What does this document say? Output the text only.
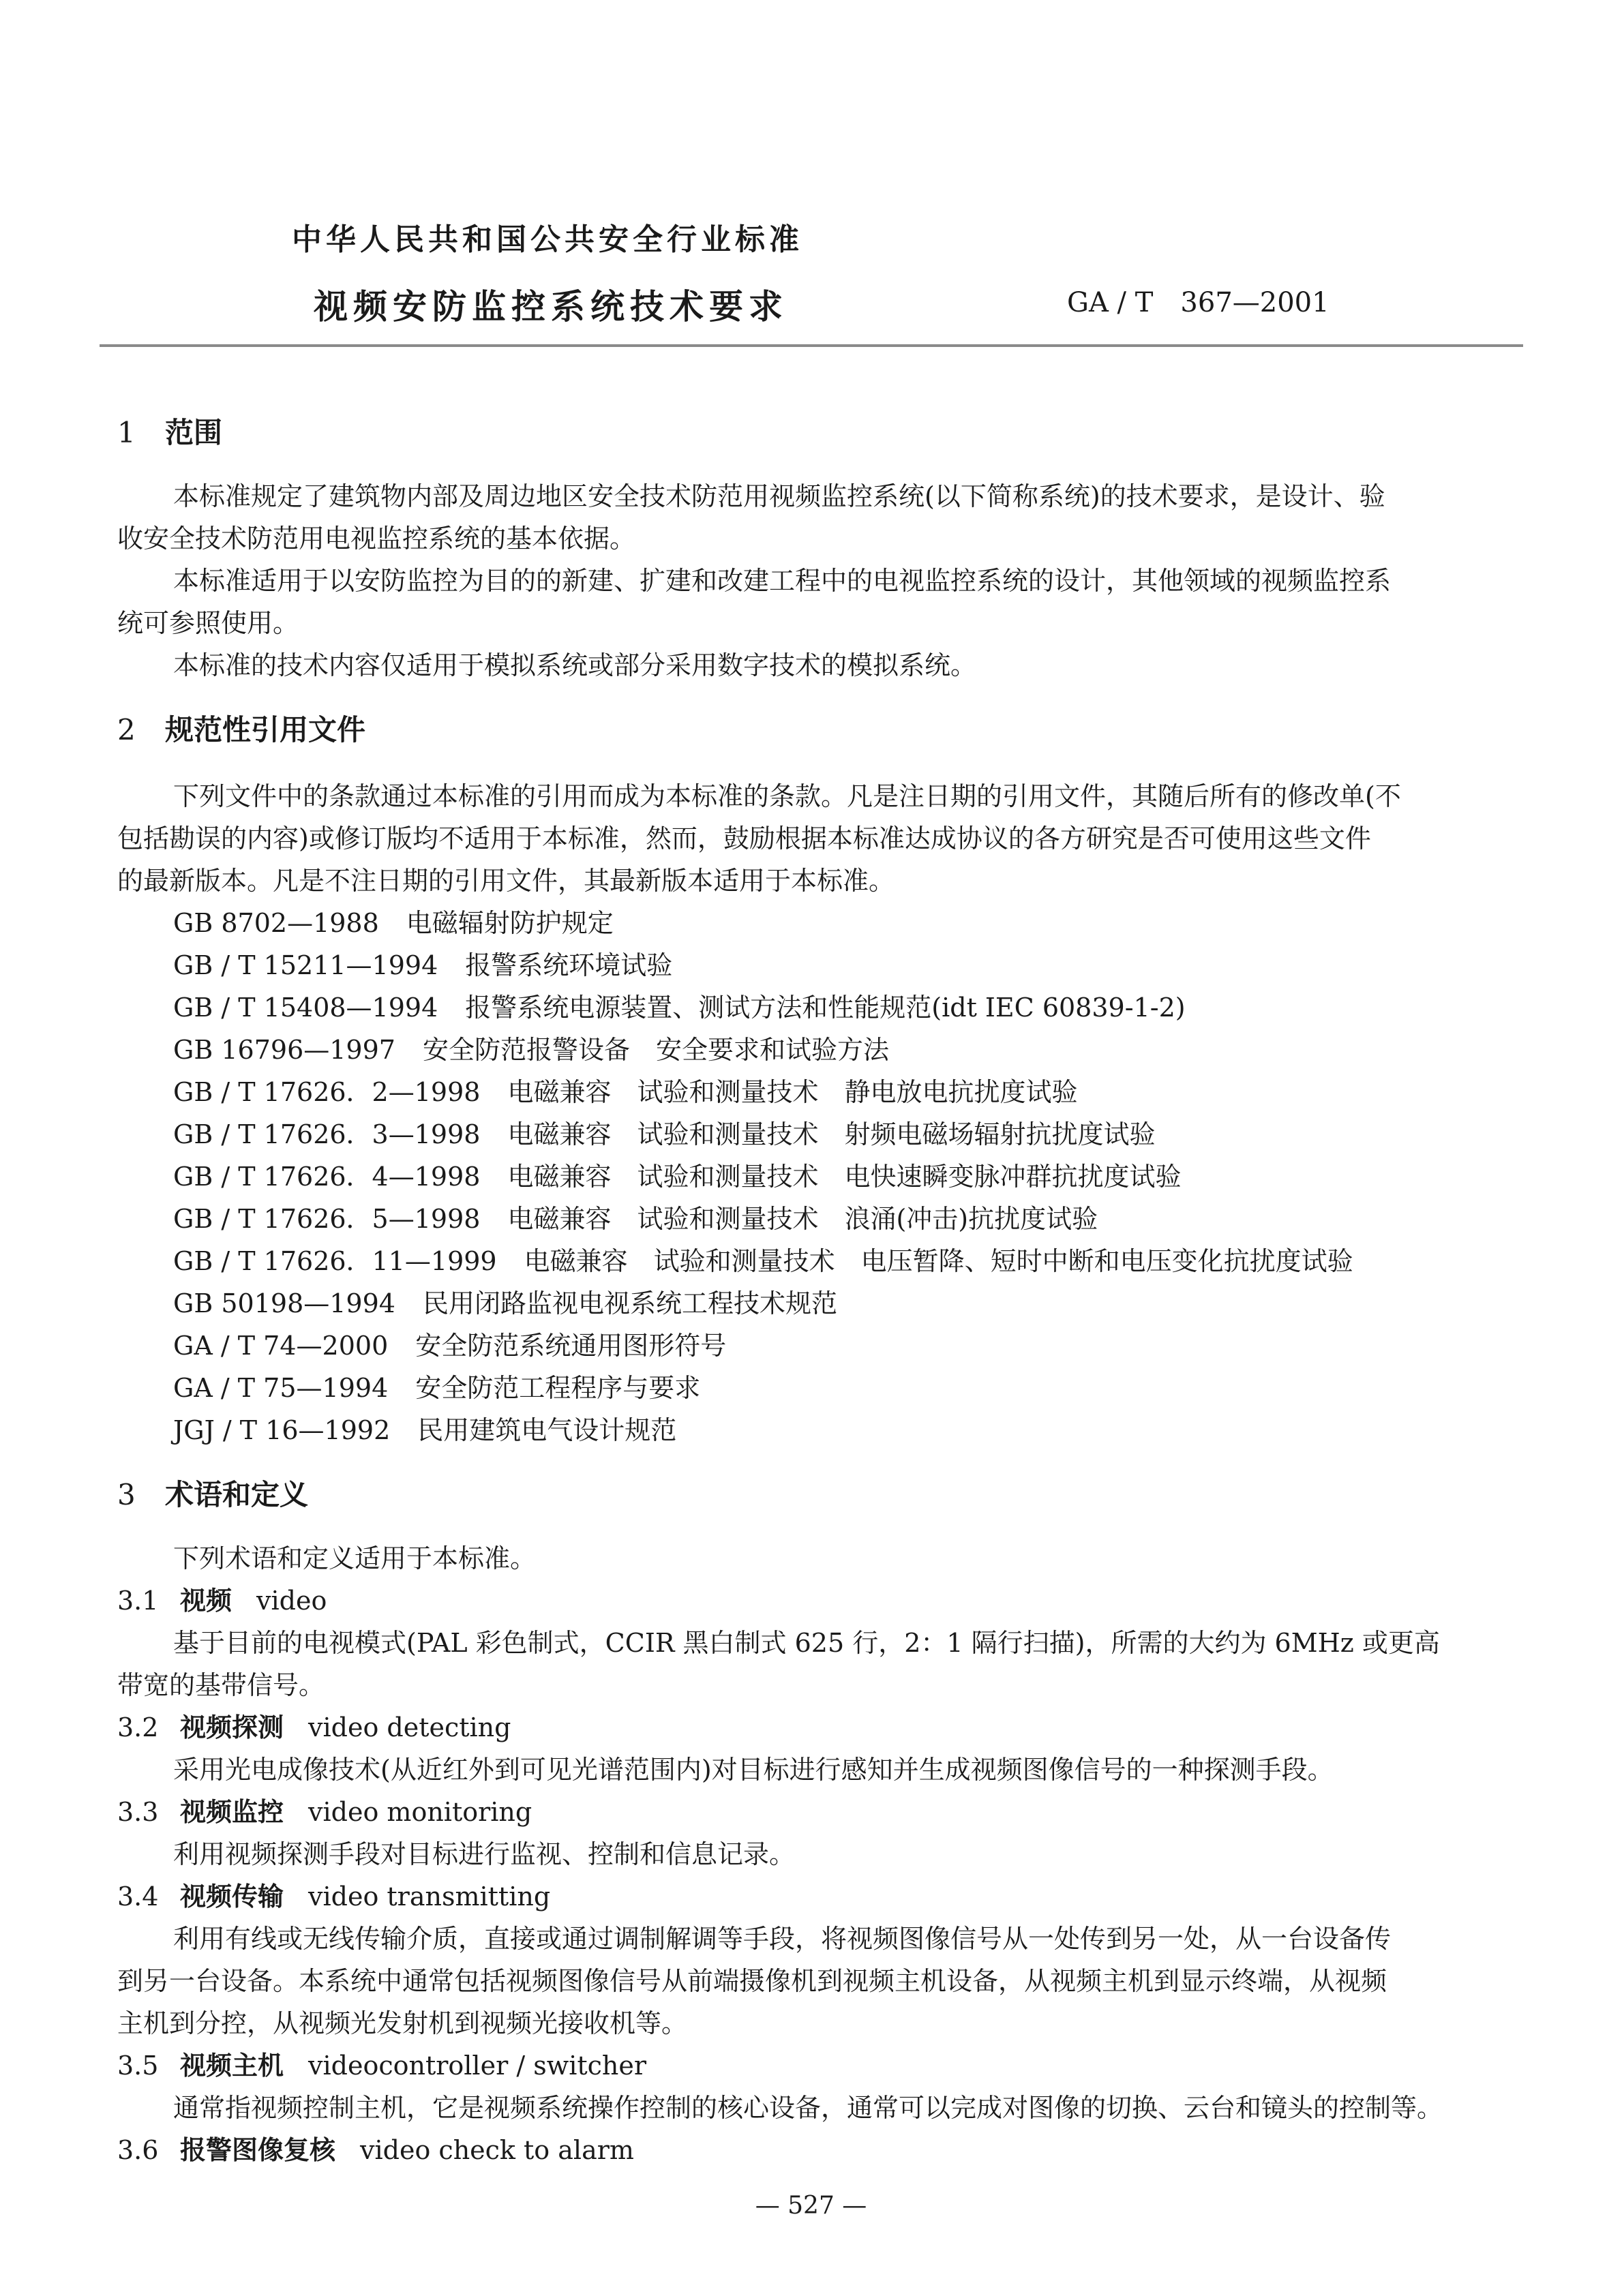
中华人民共和国公共安全行业标准
视频安防监控系统技术要求	GA / T　367—2001
1 范围
本标准规定了建筑物内部及周边地区安全技术防范用视频监控系统(以下简称系统)的技术要求，是设计、验
收安全技术防范用电视监控系统的基本依据。
本标准适用于以安防监控为目的的新建、扩建和改建工程中的电视监控系统的设计，其他领域的视频监控系
统可参照使用。
本标准的技术内容仅适用于模拟系统或部分采用数字技术的模拟系统。
2 规范性引用文件
下列文件中的条款通过本标准的引用而成为本标准的条款。凡是注日期的引用文件，其随后所有的修改单(不
包括勘误的内容)或修订版均不适用于本标准，然而，鼓励根据本标准达成协议的各方研究是否可使用这些文件
的最新版本。凡是不注日期的引用文件，其最新版本适用于本标准。
GB 8702—1988 电磁辐射防护规定
GB / T 15211—1994 报警系统环境试验
GB / T 15408—1994 报警系统电源装置、测试方法和性能规范(idt IEC 60839-1-2)
GB 16796—1997 安全防范报警设备　安全要求和试验方法
GB / T 17626．2—1998 电磁兼容　试验和测量技术　静电放电抗扰度试验
GB / T 17626．3—1998 电磁兼容　试验和测量技术　射频电磁场辐射抗扰度试验
GB / T 17626．4—1998 电磁兼容　试验和测量技术　电快速瞬变脉冲群抗扰度试验
GB / T 17626．5—1998 电磁兼容　试验和测量技术　浪涌(冲击)抗扰度试验
GB / T 17626．11—1999 电磁兼容　试验和测量技术　电压暂降、短时中断和电压变化抗扰度试验
GB 50198—1994 民用闭路监视电视系统工程技术规范
GA / T 74—2000 安全防范系统通用图形符号
GA / T 75—1994 安全防范工程程序与要求
JGJ / T 16—1992 民用建筑电气设计规范
3 术语和定义
下列术语和定义适用于本标准。
3.1 视频 video
基于目前的电视模式(PAL 彩色制式，CCIR 黑白制式 625 行，2：1 隔行扫描)，所需的大约为 6MHz 或更高
带宽的基带信号。
3.2 视频探测 video detecting
采用光电成像技术(从近红外到可见光谱范围内)对目标进行感知并生成视频图像信号的一种探测手段。
3.3 视频监控 video monitoring
利用视频探测手段对目标进行监视、控制和信息记录。
3.4 视频传输 video transmitting
利用有线或无线传输介质，直接或通过调制解调等手段，将视频图像信号从一处传到另一处，从一台设备传
到另一台设备。本系统中通常包括视频图像信号从前端摄像机到视频主机设备，从视频主机到显示终端，从视频
主机到分控，从视频光发射机到视频光接收机等。
3.5 视频主机 videocontroller / switcher
通常指视频控制主机，它是视频系统操作控制的核心设备，通常可以完成对图像的切换、云台和镜头的控制等。
3.6 报警图像复核 video check to alarm
— 527 —
